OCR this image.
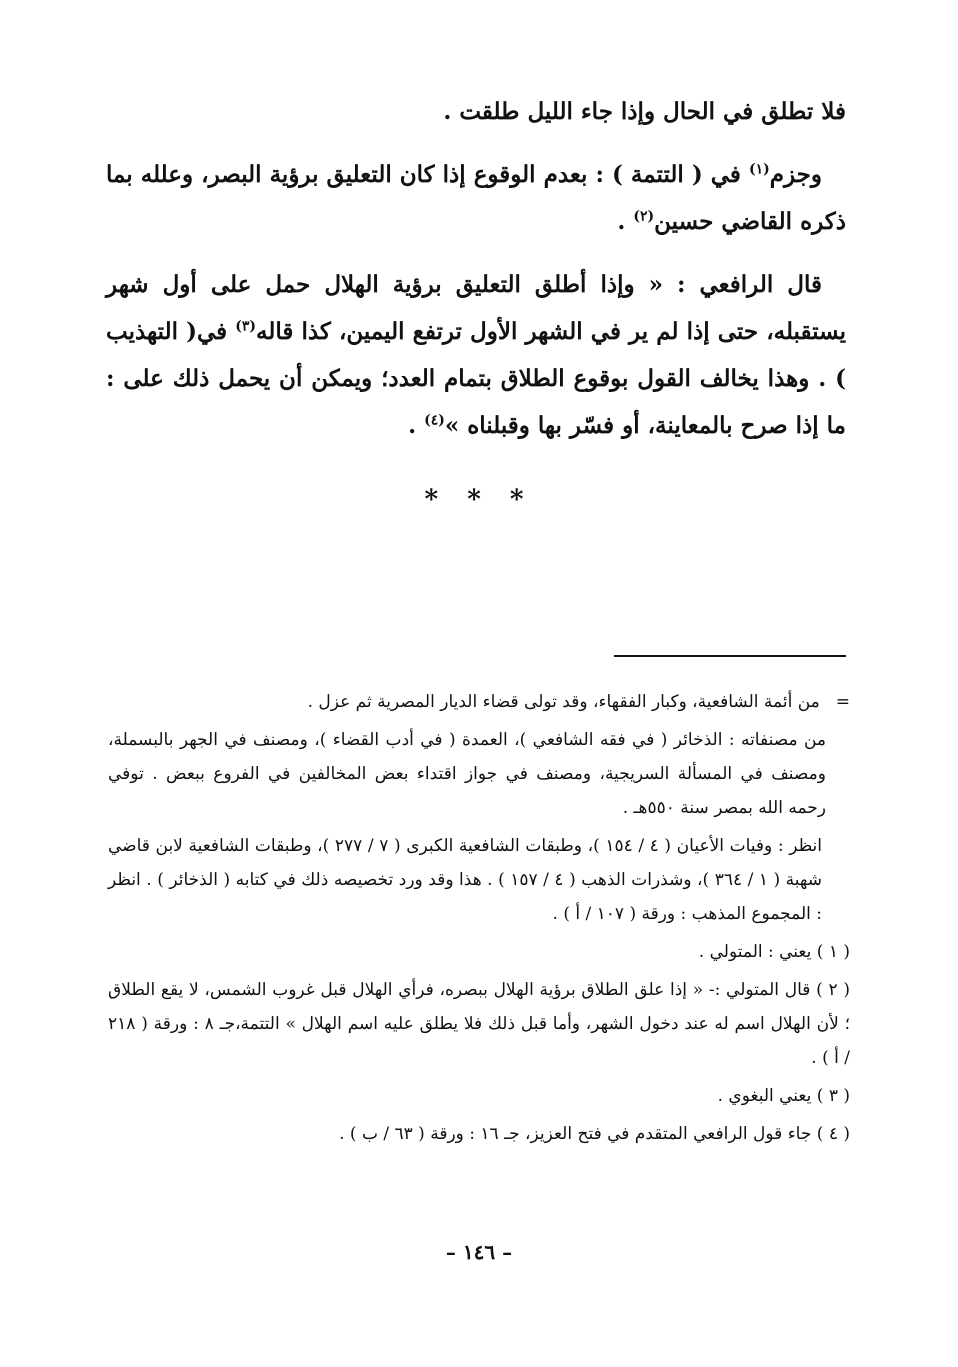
فلا تطلق في الحال وإذا جاء الليل طلقت .

وجزم$^{(١)}$ في ( التتمة ) : بعدم الوقوع إذا كان التعليق برؤية البصر، وعلله بما ذكره القاضي حسين$^{(٢)}$ .

قال الرافعي : « وإذا أطلق التعليق برؤية الهلال حمل على أول شهر يستقبله، حتى إذا لم ير في الشهر الأول ترتفع اليمين، كذا قاله$^{(٣)}$ في( التهذيب ) . وهذا يخالف القول بوقوع الطلاق بتمام العدد؛ ويمكن أن يحمل ذلك على : ما إذا صرح بالمعاينة، أو فسّر بها وقبلناه »$^{(٤)}$ .

* * *

=من أئمة الشافعية، وكبار الفقهاء، وقد تولى قضاء الديار المصرية ثم عزل .

من مصنفاته : الذخائر ( في فقه الشافعي )، العمدة ( في أدب القضاء )، ومصنف في الجهر بالبسملة، ومصنف في المسألة السريجية، ومصنف في جواز اقتداء بعض المخالفين في الفروع ببعض . توفي رحمه الله بمصر سنة ٥٥٠هـ .

انظر : وفيات الأعيان ( ٤ / ١٥٤ )، وطبقات الشافعية الكبرى ( ٧ / ٢٧٧ )، وطبقات الشافعية لابن قاضي شهبة ( ١ / ٣٦٤ )، وشذرات الذهب ( ٤ / ١٥٧ ) . هذا وقد ورد تخصيصه ذلك في كتابه ( الذخائر ) . انظر : المجموع المذهب : ورقة ( ١٠٧ / أ ) .

( ١ ) يعني : المتولي .

( ٢ ) قال المتولي :- « إذا علق الطلاق برؤية الهلال ببصره، فرأي الهلال قبل غروب الشمس، لا يقع الطلاق ؛ لأن الهلال اسم له عند دخول الشهر، وأما قبل ذلك فلا يطلق عليه اسم الهلال » التتمة،جـ ٨ : ورقة ( ٢١٨ / أ ) .

( ٣ ) يعني البغوي .

( ٤ ) جاء قول الرافعي المتقدم في فتح العزيز، جـ ١٦ : ورقة ( ٦٣ / ب ) .

– ١٤٦ –
